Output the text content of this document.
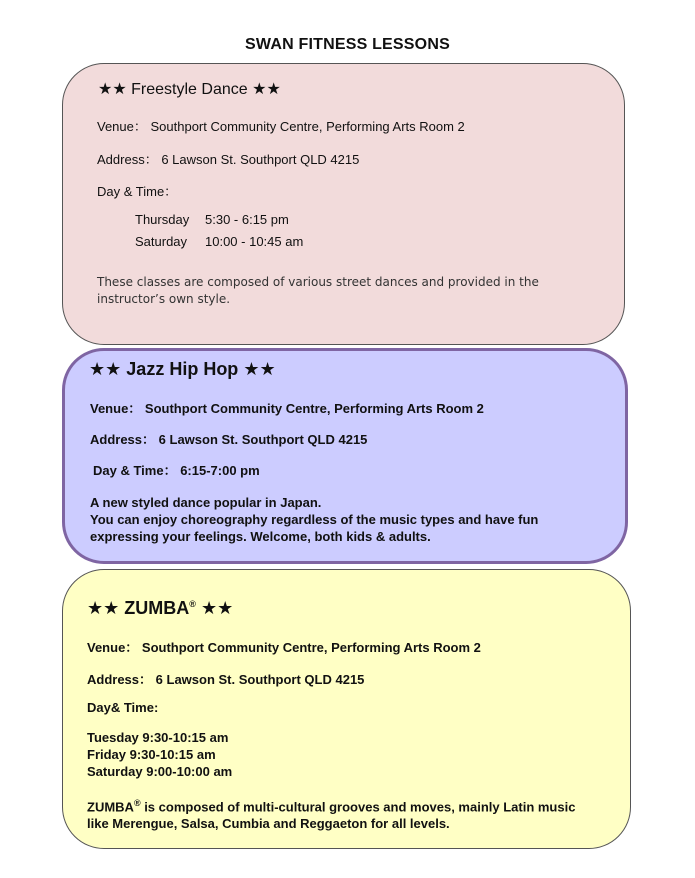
SWAN FITNESS LESSONS
★★ Freestyle Dance ★★
Venue： Southport Community Centre, Performing Arts Room 2
Address： 6 Lawson St. Southport QLD 4215
Day & Time：
Thursday 5:30 - 6:15 pm
Saturday 10:00 - 10:45 am
These classes are composed of various street dances and provided in the instructor’s own style.
★★ Jazz Hip Hop ★★
Venue： Southport Community Centre, Performing Arts Room 2
Address： 6 Lawson St. Southport QLD 4215
Day & Time： 6:15-7:00 pm
A new styled dance popular in Japan.
You can enjoy choreography regardless of the music types and have fun expressing your feelings. Welcome, both kids & adults.
★★ ZUMBA® ★★
Venue： Southport Community Centre, Performing Arts Room 2
Address： 6 Lawson St. Southport QLD 4215
Day& Time:
Tuesday 9:30-10:15 am
Friday 9:30-10:15 am
Saturday 9:00-10:00 am
ZUMBA® is composed of multi-cultural grooves and moves, mainly Latin music like Merengue, Salsa, Cumbia and Reggaeton for all levels.
